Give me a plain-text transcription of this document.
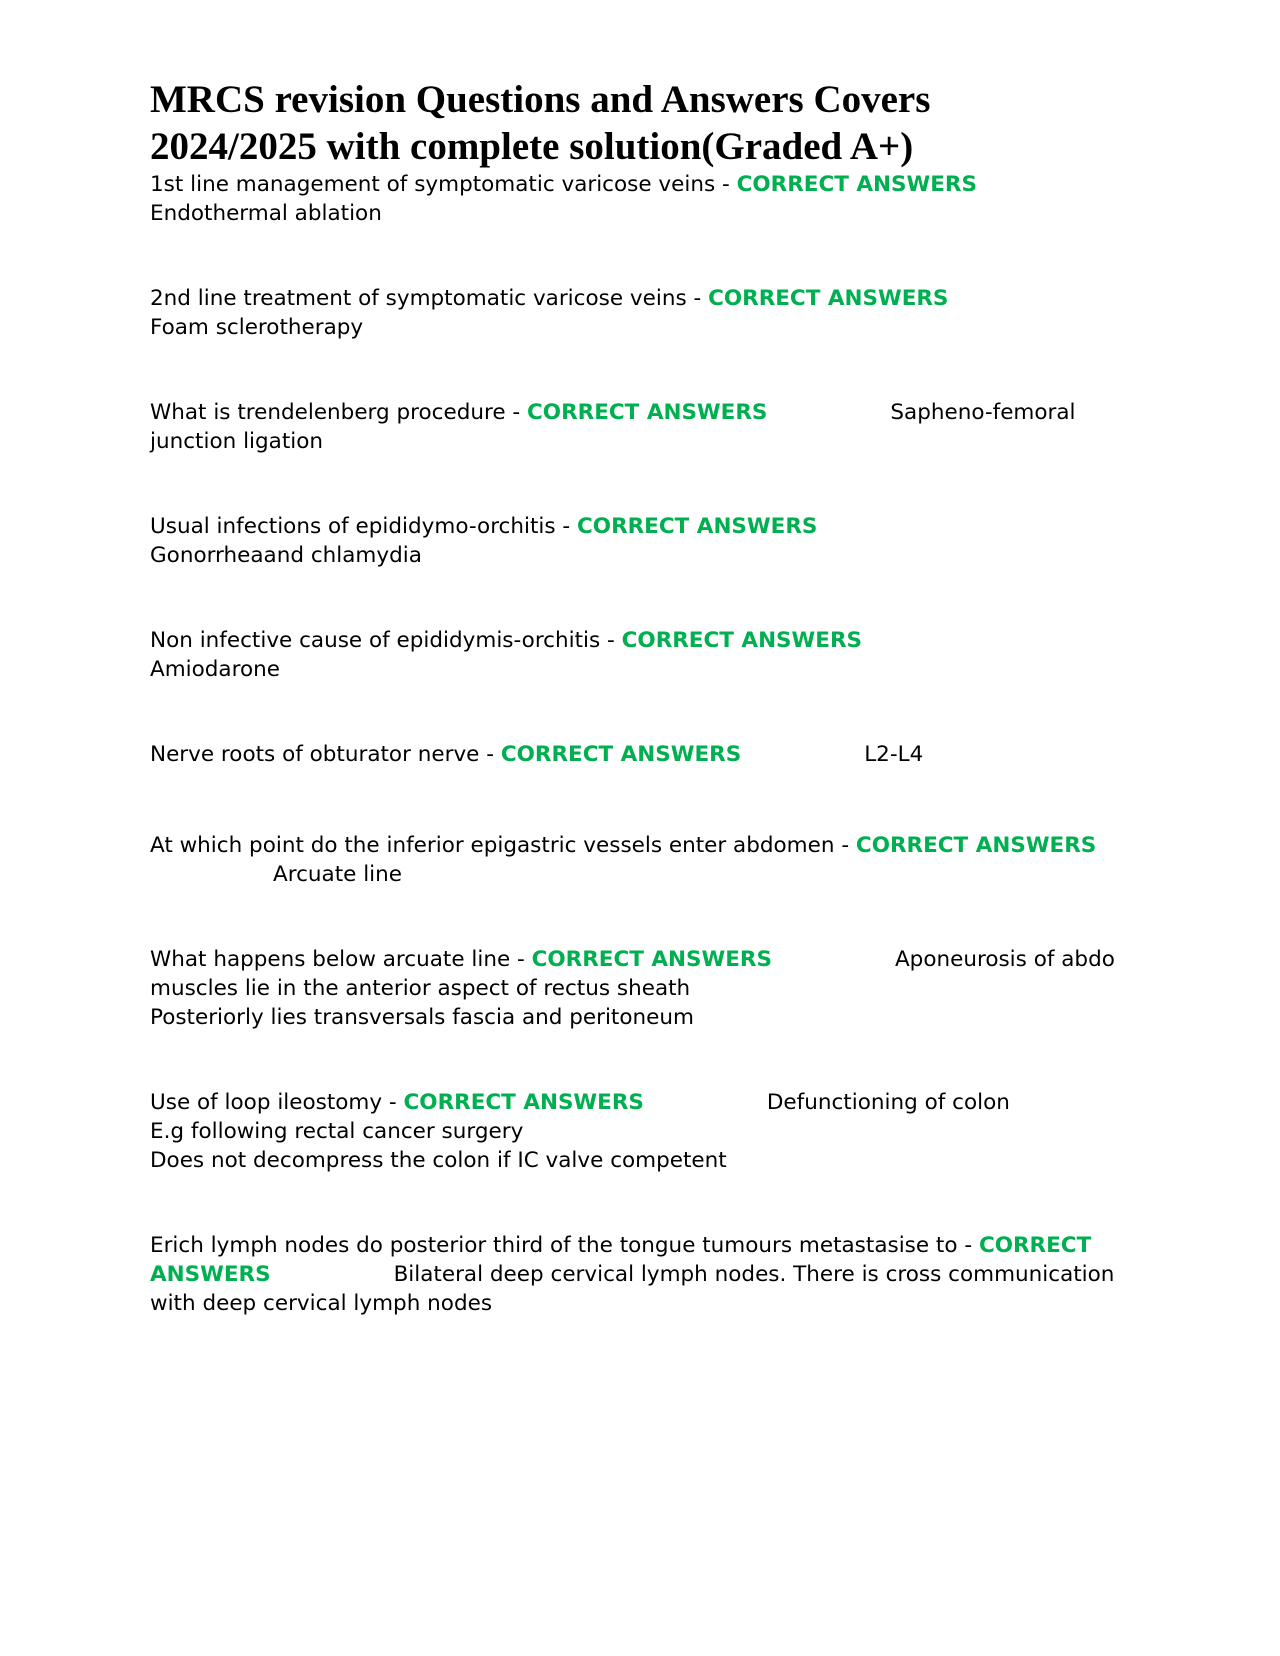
MRCS revision Questions and Answers Covers
2024/2025 with complete solution(Graded A+)

1st line management of symptomatic varicose veins - CORRECT ANSWERS
Endothermal ablation

2nd line treatment of symptomatic varicose veins - CORRECT ANSWERS
Foam sclerotherapy

What is trendelenberg procedure - CORRECT ANSWERS	Sapheno-femoral junction ligation

Usual infections of epididymo-orchitis - CORRECT ANSWERS
Gonorrheaand chlamydia

Non infective cause of epididymis-orchitis - CORRECT ANSWERS
Amiodarone

Nerve roots of obturator nerve - CORRECT ANSWERS	L2-L4

At which point do the inferior epigastric vessels enter abdomen - CORRECT ANSWERSArcuate line

What happens below arcuate line - CORRECT ANSWERS	Aponeurosis of abdo muscles lie in the anterior aspect of rectus sheath

Posteriorly lies transversals fascia and peritoneum

Use of loop ileostomy - CORRECT ANSWERS	Defunctioning of colon

E.g following rectal cancer surgery

Does not decompress the colon if IC valve competent

Erich lymph nodes do posterior third of the tongue tumours metastasise to - CORRECT ANSWERS	Bilateral deep cervical lymph nodes. There is cross communication with deep cervical lymph nodes
